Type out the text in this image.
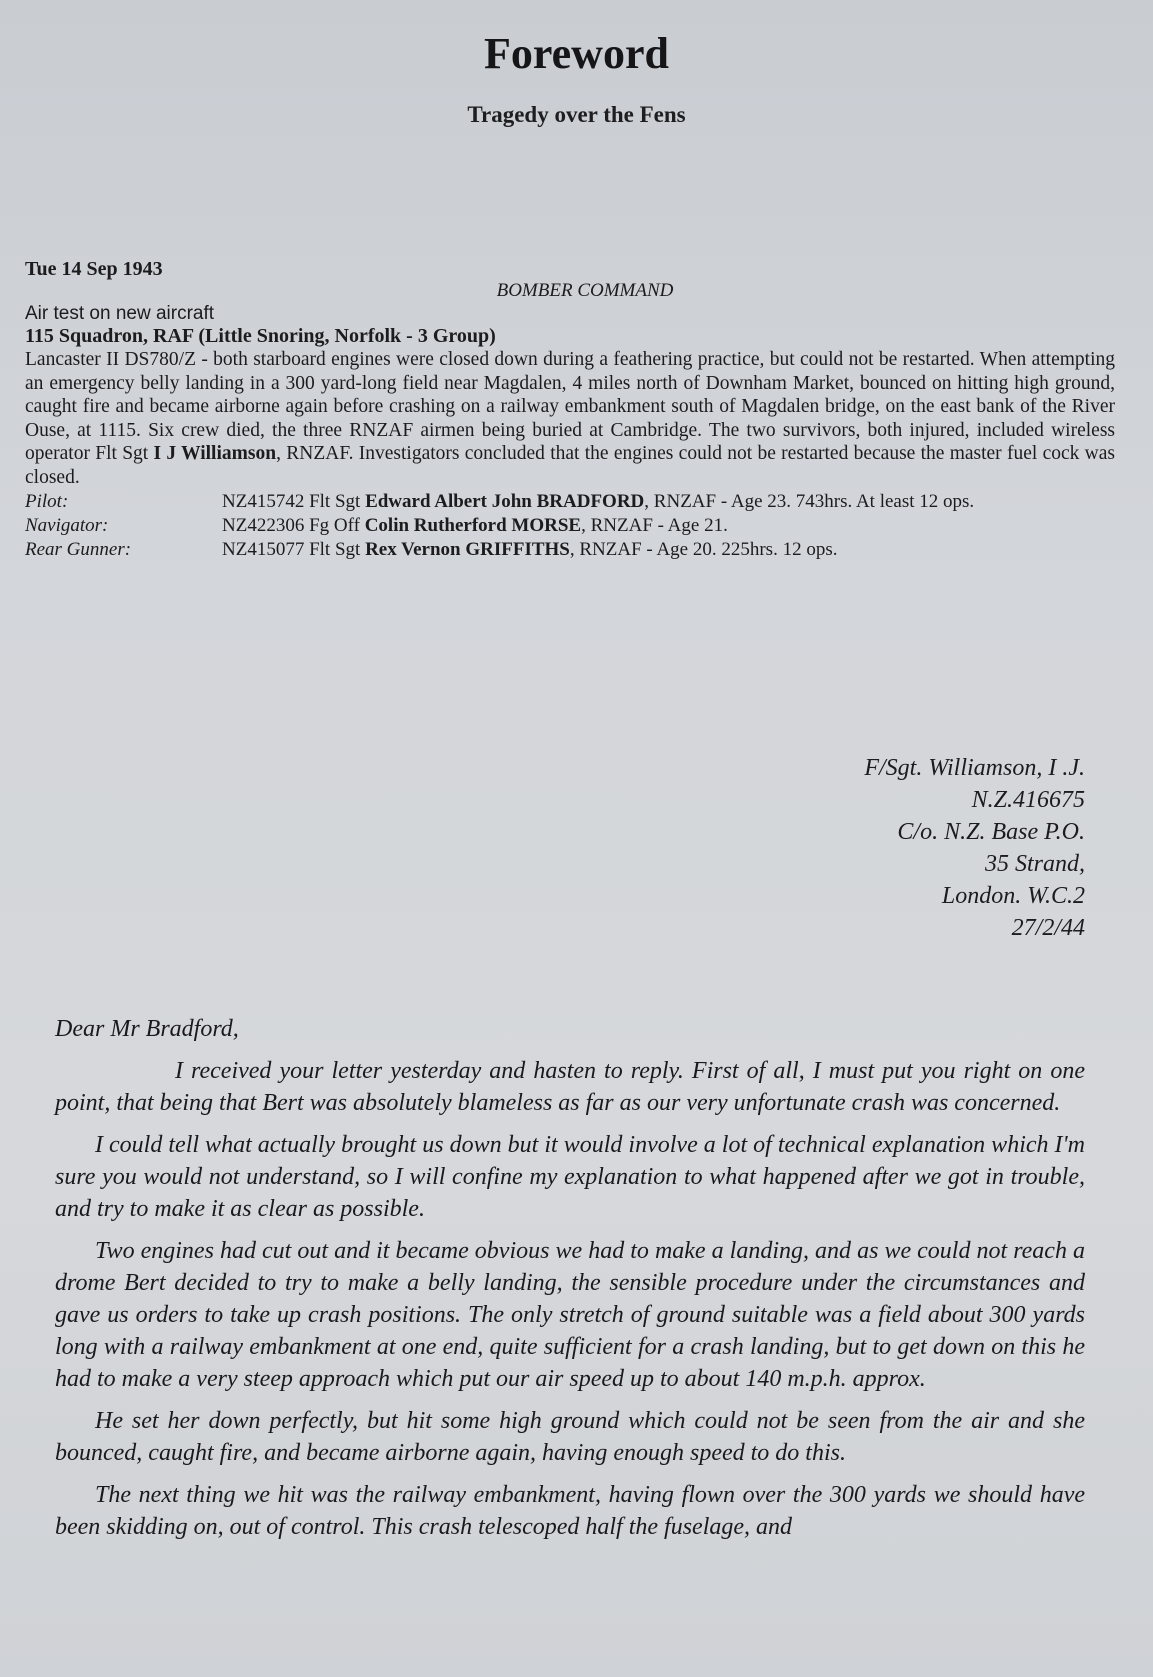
Foreword
Tragedy over the Fens
Tue 14 Sep 1943
BOMBER COMMAND
Air test on new aircraft
115 Squadron, RAF (Little Snoring, Norfolk - 3 Group)
Lancaster II DS780/Z - both starboard engines were closed down during a feathering practice, but could not be restarted. When attempting an emergency belly landing in a 300 yard-long field near Magdalen, 4 miles north of Downham Market, bounced on hitting high ground, caught fire and became airborne again before crashing on a railway embankment south of Magdalen bridge, on the east bank of the River Ouse, at 1115. Six crew died, the three RNZAF airmen being buried at Cambridge. The two survivors, both injured, included wireless operator Flt Sgt I J Williamson, RNZAF. Investigators concluded that the engines could not be restarted because the master fuel cock was closed.
Pilot:	NZ415742 Flt Sgt Edward Albert John BRADFORD, RNZAF - Age 23. 743hrs. At least 12 ops.
Navigator:	NZ422306 Fg Off Colin Rutherford MORSE, RNZAF - Age 21.
Rear Gunner:	NZ415077 Flt Sgt Rex Vernon GRIFFITHS, RNZAF - Age 20. 225hrs. 12 ops.
F/Sgt. Williamson, I .J.
N.Z.416675
C/o. N.Z. Base P.O.
35 Strand,
London. W.C.2
27/2/44
Dear Mr Bradford,

I received your letter yesterday and hasten to reply. First of all, I must put you right on one point, that being that Bert was absolutely blameless as far as our very unfortunate crash was concerned.

I could tell what actually brought us down but it would involve a lot of technical explanation which I'm sure you would not understand, so I will confine my explanation to what happened after we got in trouble, and try to make it as clear as possible.

Two engines had cut out and it became obvious we had to make a landing, and as we could not reach a drome Bert decided to try to make a belly landing, the sensible procedure under the circumstances and gave us orders to take up crash positions. The only stretch of ground suitable was a field about 300 yards long with a railway embankment at one end, quite sufficient for a crash landing, but to get down on this he had to make a very steep approach which put our air speed up to about 140 m.p.h. approx.

He set her down perfectly, but hit some high ground which could not be seen from the air and she bounced, caught fire, and became airborne again, having enough speed to do this.

The next thing we hit was the railway embankment, having flown over the 300 yards we should have been skidding on, out of control. This crash telescoped half the fuselage, and
